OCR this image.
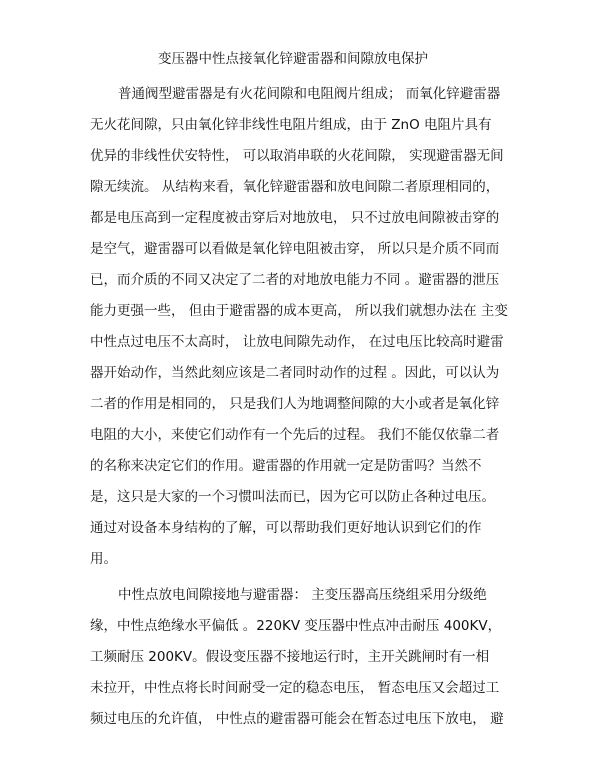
变压器中性点接氧化锌避雷器和间隙放电保护
普通阀型避雷器是有火花间隙和电阻阀片组成； 而氧化锌避雷器
无火花间隙，只由氧化锌非线性电阻片组成，由于 ZnO 电阻片具有
优异的非线性伏安特性， 可以取消串联的火花间隙， 实现避雷器无间
隙无续流。 从结构来看，氧化锌避雷器和放电间隙二者原理相同的，
都是电压高到一定程度被击穿后对地放电， 只不过放电间隙被击穿的
是空气，避雷器可以看做是氧化锌电阻被击穿， 所以只是介质不同而
已，而介质的不同又决定了二者的对地放电能力不同 。避雷器的泄压
能力更强一些， 但由于避雷器的成本更高， 所以我们就想办法在 主变
中性点过电压不太高时， 让放电间隙先动作， 在过电压比较高时避雷
器开始动作，当然此刻应该是二者同时动作的过程 。因此，可以认为
二者的作用是相同的， 只是我们人为地调整间隙的大小或者是氧化锌
电阻的大小，来使它们动作有一个先后的过程。 我们不能仅依靠二者
的名称来决定它们的作用。避雷器的作用就一定是防雷吗？当然不
是，这只是大家的一个习惯叫法而已，因为它可以防止各种过电压。
通过对设备本身结构的了解，可以帮助我们更好地认识到它们的作
用。
中性点放电间隙接地与避雷器： 主变压器高压绕组采用分级绝
缘，中性点绝缘水平偏低 。220KV 变压器中性点冲击耐压 400KV，
工频耐压 200KV。假设变压器不接地运行时，主开关跳闸时有一相
未拉开，中性点将长时间耐受一定的稳态电压， 暂态电压又会超过工
频过电压的允许值， 中性点的避雷器可能会在暂态过电压下放电， 避
